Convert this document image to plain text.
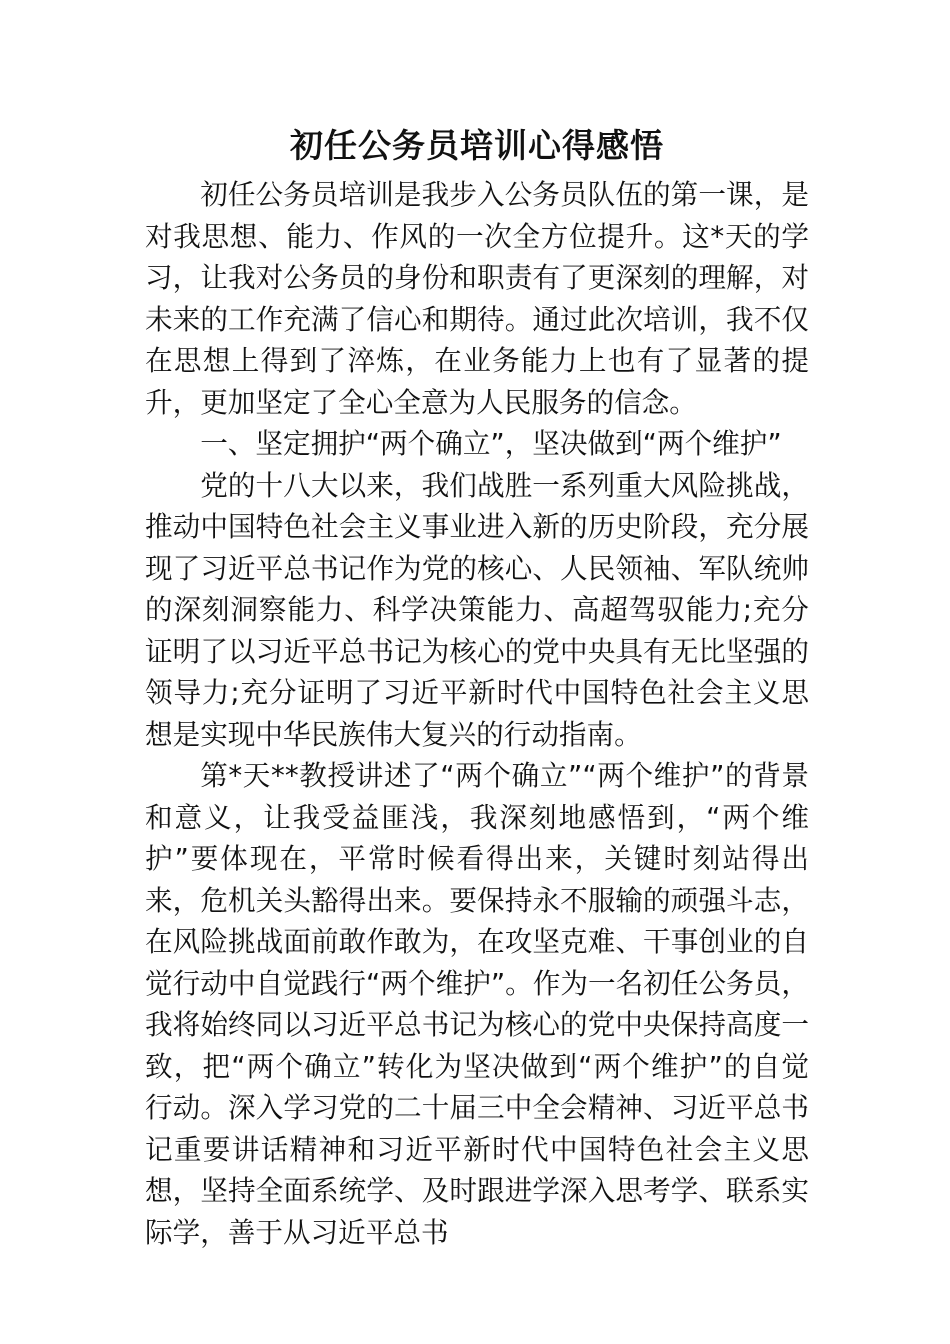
初任公务员培训心得感悟

初任公务员培训是我步入公务员队伍的第一课，是对我思想、能力、作风的一次全方位提升。这*天的学习，让我对公务员的身份和职责有了更深刻的理解，对未来的工作充满了信心和期待。通过此次培训，我不仅在思想上得到了淬炼，在业务能力上也有了显著的提升，更加坚定了全心全意为人民服务的信念。

一、坚定拥护“两个确立”，坚决做到“两个维护”

党的十八大以来，我们战胜一系列重大风险挑战，推动中国特色社会主义事业进入新的历史阶段，充分展现了习近平总书记作为党的核心、人民领袖、军队统帅的深刻洞察能力、科学决策能力、高超驾驭能力;充分证明了以习近平总书记为核心的党中央具有无比坚强的领导力;充分证明了习近平新时代中国特色社会主义思想是实现中华民族伟大复兴的行动指南。

第*天**教授讲述了“两个确立”“两个维护”的背景和意义，让我受益匪浅，我深刻地感悟到，“两个维护”要体现在，平常时候看得出来，关键时刻站得出来，危机关头豁得出来。要保持永不服输的顽强斗志，在风险挑战面前敢作敢为，在攻坚克难、干事创业的自觉行动中自觉践行“两个维护”。作为一名初任公务员，我将始终同以习近平总书记为核心的党中央保持高度一致，把“两个确立”转化为坚决做到“两个维护”的自觉行动。深入学习党的二十届三中全会精神、习近平总书记重要讲话精神和习近平新时代中国特色社会主义思想，坚持全面系统学、及时跟进学深入思考学、联系实际学，善于从习近平总书
